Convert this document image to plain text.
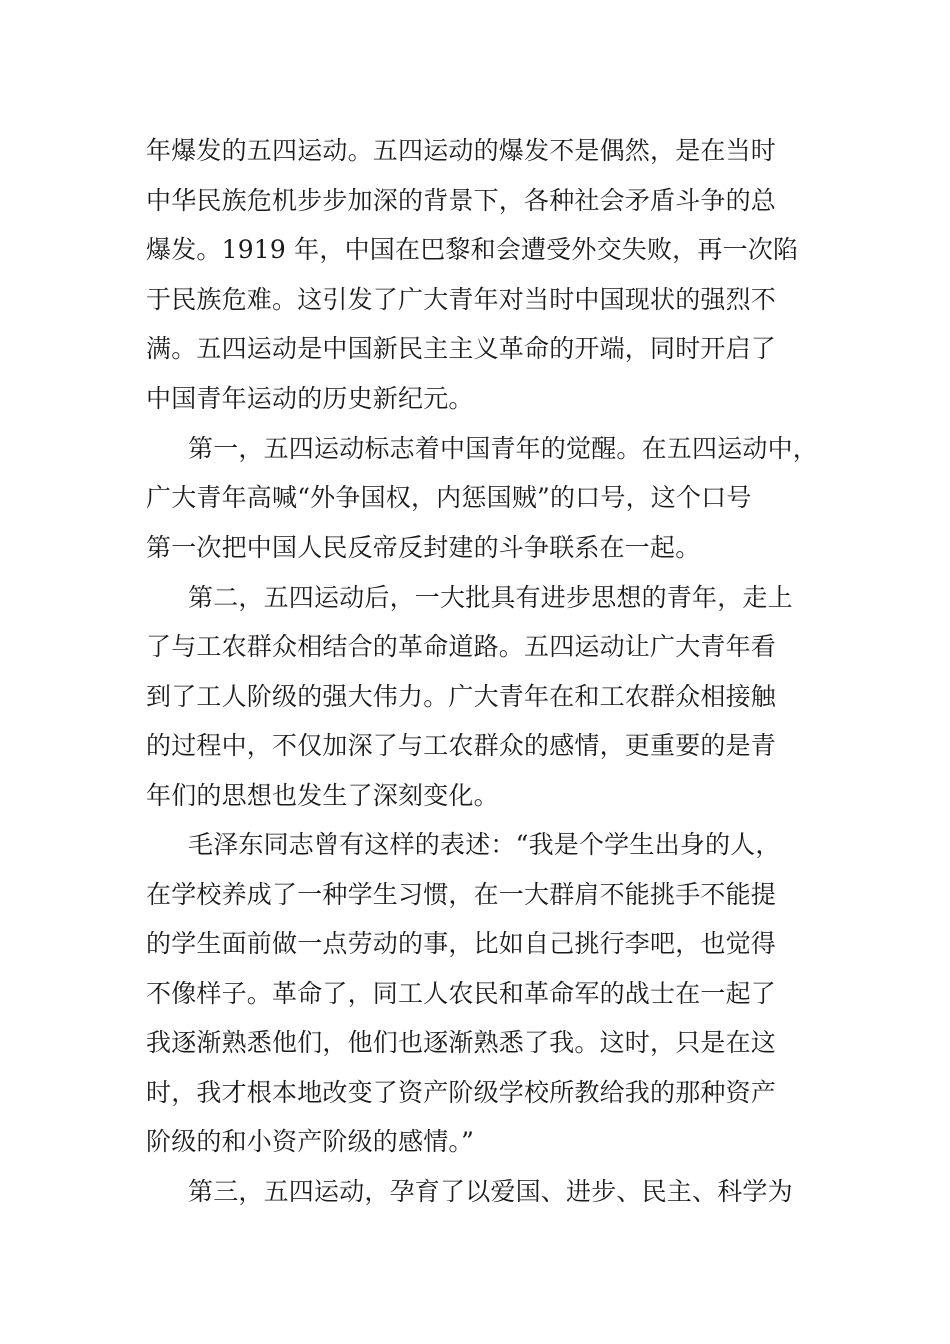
年爆发的五四运动。五四运动的爆发不是偶然，是在当时
中华民族危机步步加深的背景下，各种社会矛盾斗争的总
爆发。1919 年，中国在巴黎和会遭受外交失败，再一次陷
于民族危难。这引发了广大青年对当时中国现状的强烈不
满。五四运动是中国新民主主义革命的开端，同时开启了
中国青年运动的历史新纪元。
第一，五四运动标志着中国青年的觉醒。在五四运动中，
广大青年高喊“外争国权，内惩国贼”的口号，这个口号
第一次把中国人民反帝反封建的斗争联系在一起。
第二，五四运动后，一大批具有进步思想的青年，走上
了与工农群众相结合的革命道路。五四运动让广大青年看
到了工人阶级的强大伟力。广大青年在和工农群众相接触
的过程中，不仅加深了与工农群众的感情，更重要的是青
年们的思想也发生了深刻变化。
毛泽东同志曾有这样的表述：“我是个学生出身的人，
在学校养成了一种学生习惯，在一大群肩不能挑手不能提
的学生面前做一点劳动的事，比如自己挑行李吧，也觉得
不像样子。革命了，同工人农民和革命军的战士在一起了
我逐渐熟悉他们，他们也逐渐熟悉了我。这时，只是在这
时，我才根本地改变了资产阶级学校所教给我的那种资产
阶级的和小资产阶级的感情。”
第三，五四运动，孕育了以爱国、进步、民主、科学为
